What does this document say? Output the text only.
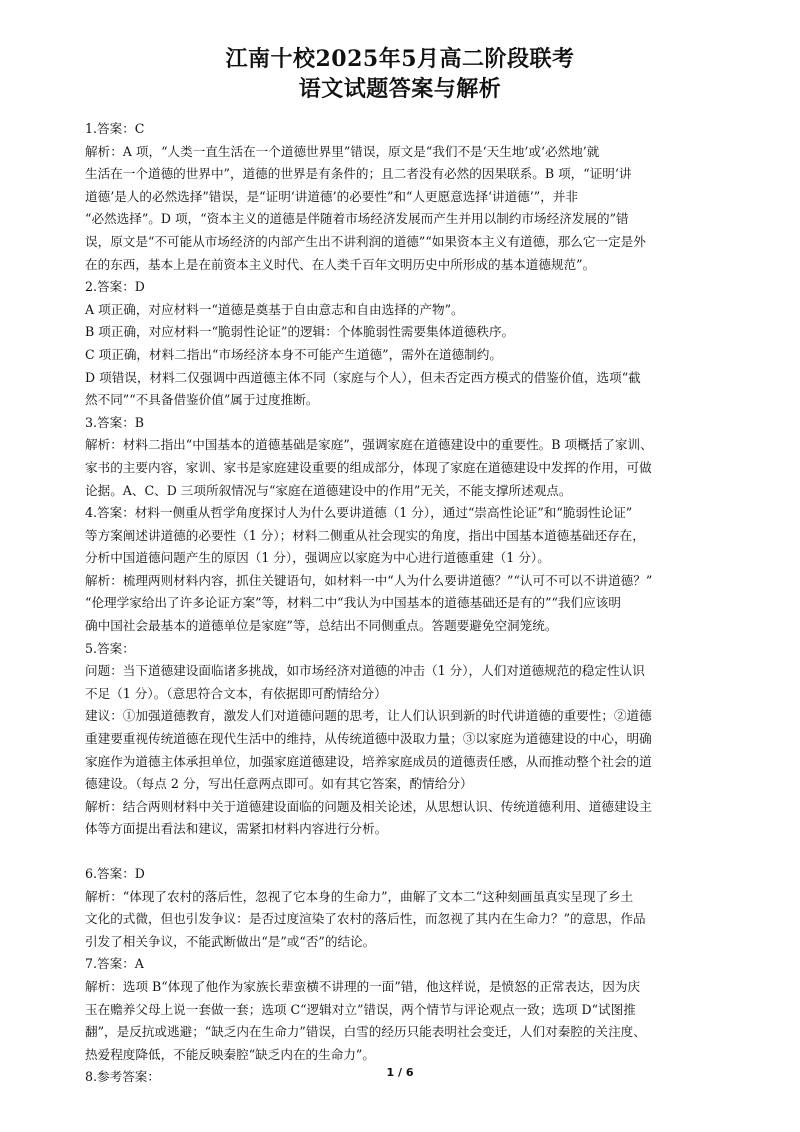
江南十校2025年5月高二阶段联考
语文试题答案与解析
1.答案：C
解析：A 项，“人类一直生活在一个道德世界里”错误，原文是“我们不是‘天生地’或‘必然地’就
生活在一个道德的世界中”，道德的世界是有条件的；且二者没有必然的因果联系。B 项，“证明‘讲
道德’是人的必然选择”错误，是“证明‘讲道德’的必要性”和“人更愿意选择‘讲道德’”，并非
“必然选择”。D 项，“资本主义的道德是伴随着市场经济发展而产生并用以制约市场经济发展的”错
误，原文是“不可能从市场经济的内部产生出不讲利润的道德”“如果资本主义有道德，那么它一定是外
在的东西，基本上是在前资本主义时代、在人类千百年文明历史中所形成的基本道德规范”。
2.答案：D
A 项正确，对应材料一“道德是奠基于自由意志和自由选择的产物”。
B 项正确，对应材料一“脆弱性论证”的逻辑：个体脆弱性需要集体道德秩序。
C 项正确，材料二指出“市场经济本身不可能产生道德”，需外在道德制约。
D 项错误，材料二仅强调中西道德主体不同（家庭与个人），但未否定西方模式的借鉴价值，选项“截
然不同”“不具备借鉴价值”属于过度推断。
3.答案：B
解析：材料二指出“中国基本的道德基础是家庭”，强调家庭在道德建设中的重要性。B 项概括了家训、
家书的主要内容，家训、家书是家庭建设重要的组成部分，体现了家庭在道德建设中发挥的作用，可做
论据。A、C、D 三项所叙情况与“家庭在道德建设中的作用”无关，不能支撑所述观点。
4.答案：材料一侧重从哲学角度探讨人为什么要讲道德（1 分），通过“崇高性论证”和“脆弱性论证”
等方案阐述讲道德的必要性（1 分）；材料二侧重从社会现实的角度，指出中国基本道德基础还存在，
分析中国道德问题产生的原因（1 分），强调应以家庭为中心进行道德重建（1 分）。
解析：梳理两则材料内容，抓住关键语句，如材料一中“人为什么要讲道德？”“认可不可以不讲道德？”
“伦理学家给出了许多论证方案”等，材料二中“我认为中国基本的道德基础还是有的”“我们应该明
确中国社会最基本的道德单位是家庭”等，总结出不同侧重点。答题要避免空洞笼统。
5.答案：
问题：当下道德建设面临诸多挑战，如市场经济对道德的冲击（1 分），人们对道德规范的稳定性认识
不足（1 分）。（意思符合文本，有依据即可酌情给分）
建议：①加强道德教育，激发人们对道德问题的思考，让人们认识到新的时代讲道德的重要性；②道德
重建要重视传统道德在现代生活中的维持，从传统道德中汲取力量；③以家庭为道德建设的中心，明确
家庭作为道德主体承担单位，加强家庭道德建设，培养家庭成员的道德责任感，从而推动整个社会的道
德建设。（每点 2 分，写出任意两点即可。如有其它答案，酌情给分）
解析：结合两则材料中关于道德建设面临的问题及相关论述，从思想认识、传统道德利用、道德建设主
体等方面提出看法和建议，需紧扣材料内容进行分析。
6.答案：D
解析：“体现了农村的落后性，忽视了它本身的生命力”，曲解了文本二“这种刻画虽真实呈现了乡土
文化的式微，但也引发争议：是否过度渲染了农村的落后性，而忽视了其内在生命力？”的意思，作品
引发了相关争议，不能武断做出“是”或“否”的结论。
7.答案：A
解析：选项 B“体现了他作为家族长辈蛮横不讲理的一面”错，他这样说，是愤怒的正常表达，因为庆
玉在赡养父母上说一套做一套；选项 C“逻辑对立”错误，两个情节与评论观点一致；选项 D“试图推
翻”，是反抗或逃避；“缺乏内在生命力”错误，白雪的经历只能表明社会变迁，人们对秦腔的关注度、
热爱程度降低，不能反映秦腔“缺乏内在的生命力”。
8.参考答案：	1 / 6
